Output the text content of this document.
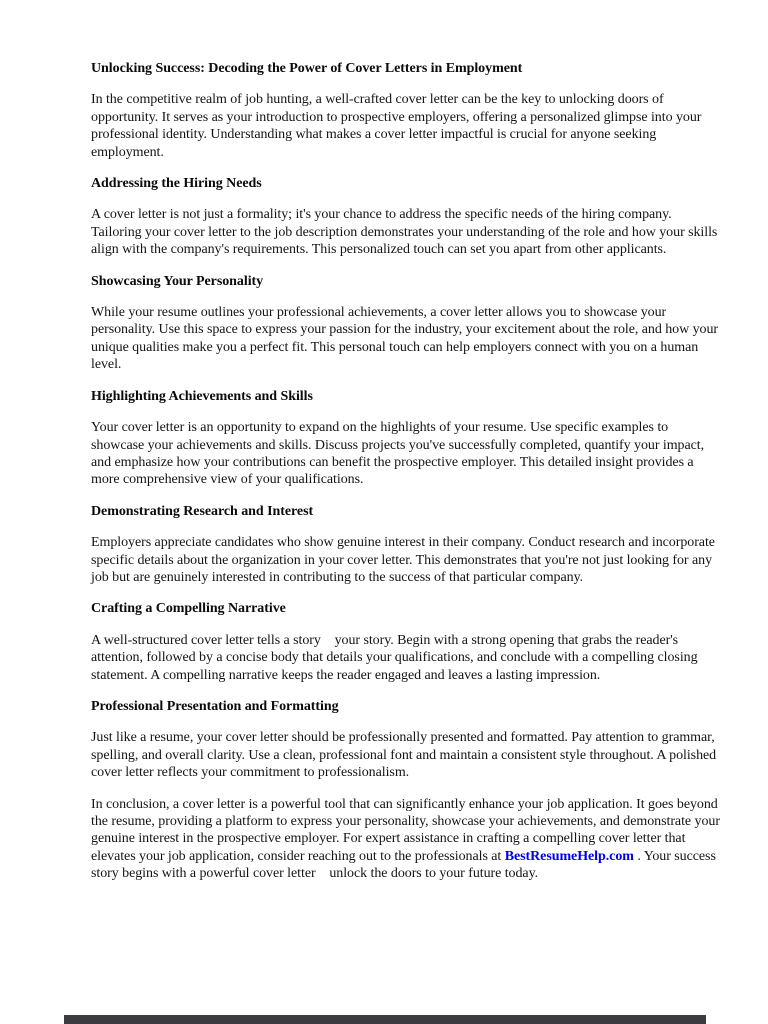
Unlocking Success: Decoding the Power of Cover Letters in Employment

In the competitive realm of job hunting, a well-crafted cover letter can be the key to unlocking doors of opportunity. It serves as your introduction to prospective employers, offering a personalized glimpse into your professional identity. Understanding what makes a cover letter impactful is crucial for anyone seeking employment.

Addressing the Hiring Needs

A cover letter is not just a formality; it's your chance to address the specific needs of the hiring company. Tailoring your cover letter to the job description demonstrates your understanding of the role and how your skills align with the company's requirements. This personalized touch can set you apart from other applicants.

Showcasing Your Personality

While your resume outlines your professional achievements, a cover letter allows you to showcase your personality. Use this space to express your passion for the industry, your excitement about the role, and how your unique qualities make you a perfect fit. This personal touch can help employers connect with you on a human level.

Highlighting Achievements and Skills

Your cover letter is an opportunity to expand on the highlights of your resume. Use specific examples to showcase your achievements and skills. Discuss projects you've successfully completed, quantify your impact, and emphasize how your contributions can benefit the prospective employer. This detailed insight provides a more comprehensive view of your qualifications.

Demonstrating Research and Interest

Employers appreciate candidates who show genuine interest in their company. Conduct research and incorporate specific details about the organization in your cover letter. This demonstrates that you're not just looking for any job but are genuinely interested in contributing to the success of that particular company.

Crafting a Compelling Narrative

A well-structured cover letter tells a story    your story. Begin with a strong opening that grabs the reader's attention, followed by a concise body that details your qualifications, and conclude with a compelling closing statement. A compelling narrative keeps the reader engaged and leaves a lasting impression.

Professional Presentation and Formatting

Just like a resume, your cover letter should be professionally presented and formatted. Pay attention to grammar, spelling, and overall clarity. Use a clean, professional font and maintain a consistent style throughout. A polished cover letter reflects your commitment to professionalism.

In conclusion, a cover letter is a powerful tool that can significantly enhance your job application. It goes beyond the resume, providing a platform to express your personality, showcase your achievements, and demonstrate your genuine interest in the prospective employer. For expert assistance in crafting a compelling cover letter that elevates your job application, consider reaching out to the professionals at BestResumeHelp.com . Your success story begins with a powerful cover letter    unlock the doors to your future today.
